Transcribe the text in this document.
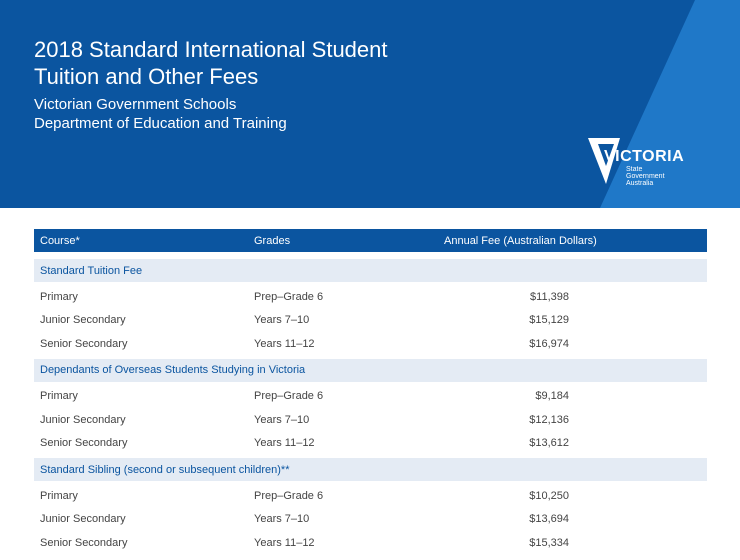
2018 Standard International Student
Tuition and Other Fees
Victorian Government Schools
Department of Education and Training
VICTORIA
State
Government
Australia
Course*	Grades	Annual Fee (Australian Dollars)
Standard Tuition Fee
Primary	Prep–Grade 6	$11,398
Junior Secondary	Years 7–10	$15,129
Senior Secondary	Years 11–12	$16,974
Dependants of Overseas Students Studying in Victoria
Primary	Prep–Grade 6	$9,184
Junior Secondary	Years 7–10	$12,136
Senior Secondary	Years 11–12	$13,612
Standard Sibling (second or subsequent children)**
Primary	Prep–Grade 6	$10,250
Junior Secondary	Years 7–10	$13,694
Senior Secondary	Years 11–12	$15,334
